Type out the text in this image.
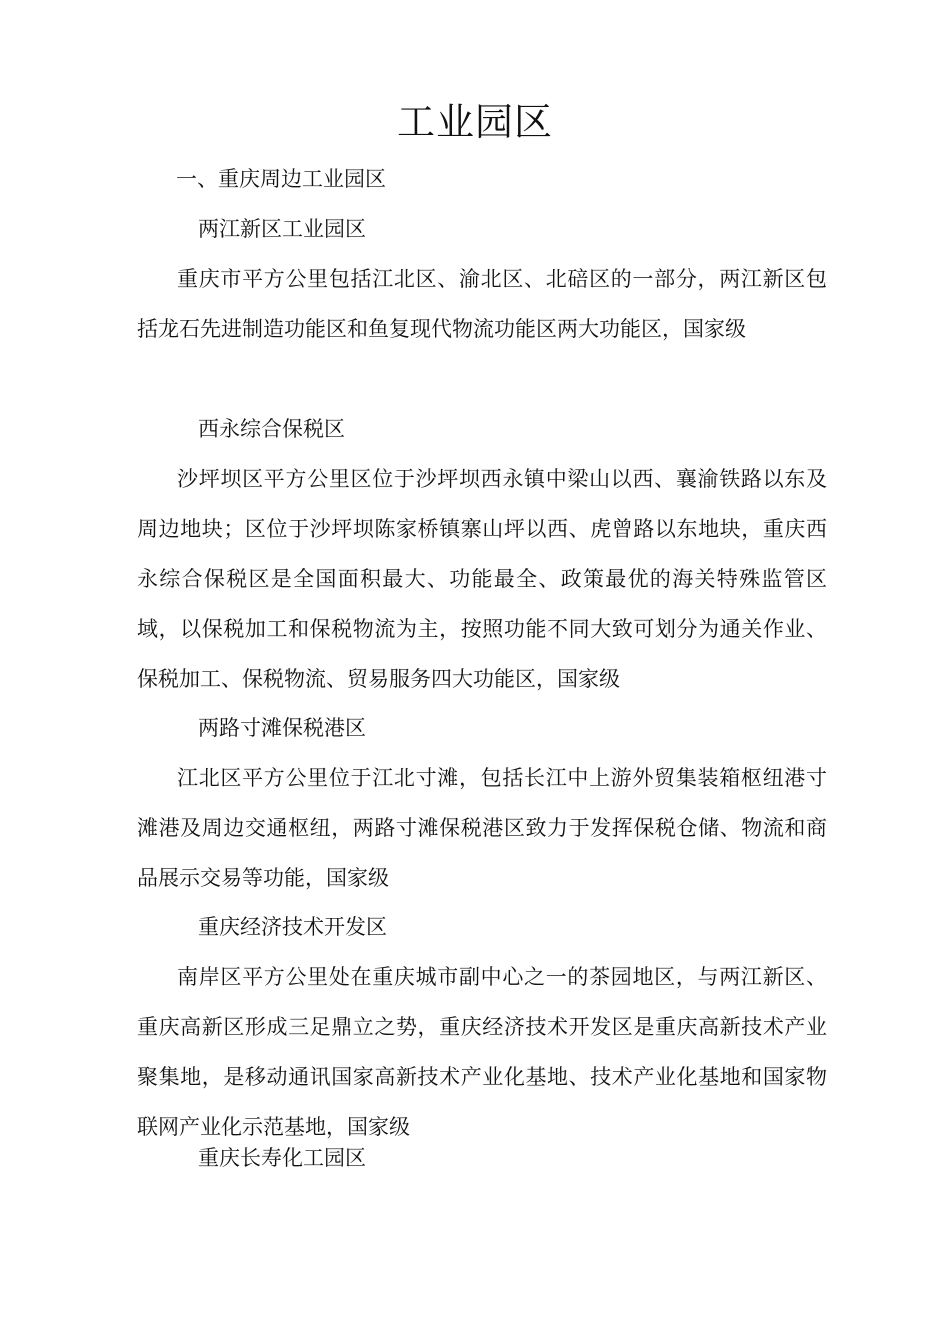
工业园区
一、重庆周边工业园区
两江新区工业园区

重庆市平方公里包括江北区、渝北区、北碚区的一部分，两江新区包括龙石先进制造功能区和鱼复现代物流功能区两大功能区，国家级

西永综合保税区

沙坪坝区平方公里区位于沙坪坝西永镇中梁山以西、襄渝铁路以东及周边地块；区位于沙坪坝陈家桥镇寨山坪以西、虎曾路以东地块，重庆西永综合保税区是全国面积最大、功能最全、政策最优的海关特殊监管区域，以保税加工和保税物流为主，按照功能不同大致可划分为通关作业、保税加工、保税物流、贸易服务四大功能区，国家级

两路寸滩保税港区

江北区平方公里位于江北寸滩，包括长江中上游外贸集装箱枢纽港寸滩港及周边交通枢纽，两路寸滩保税港区致力于发挥保税仓储、物流和商品展示交易等功能，国家级

重庆经济技术开发区

南岸区平方公里处在重庆城市副中心之一的茶园地区，与两江新区、重庆高新区形成三足鼎立之势，重庆经济技术开发区是重庆高新技术产业聚集地，是移动通讯国家高新技术产业化基地、技术产业化基地和国家物联网产业化示范基地，国家级

重庆长寿化工园区
